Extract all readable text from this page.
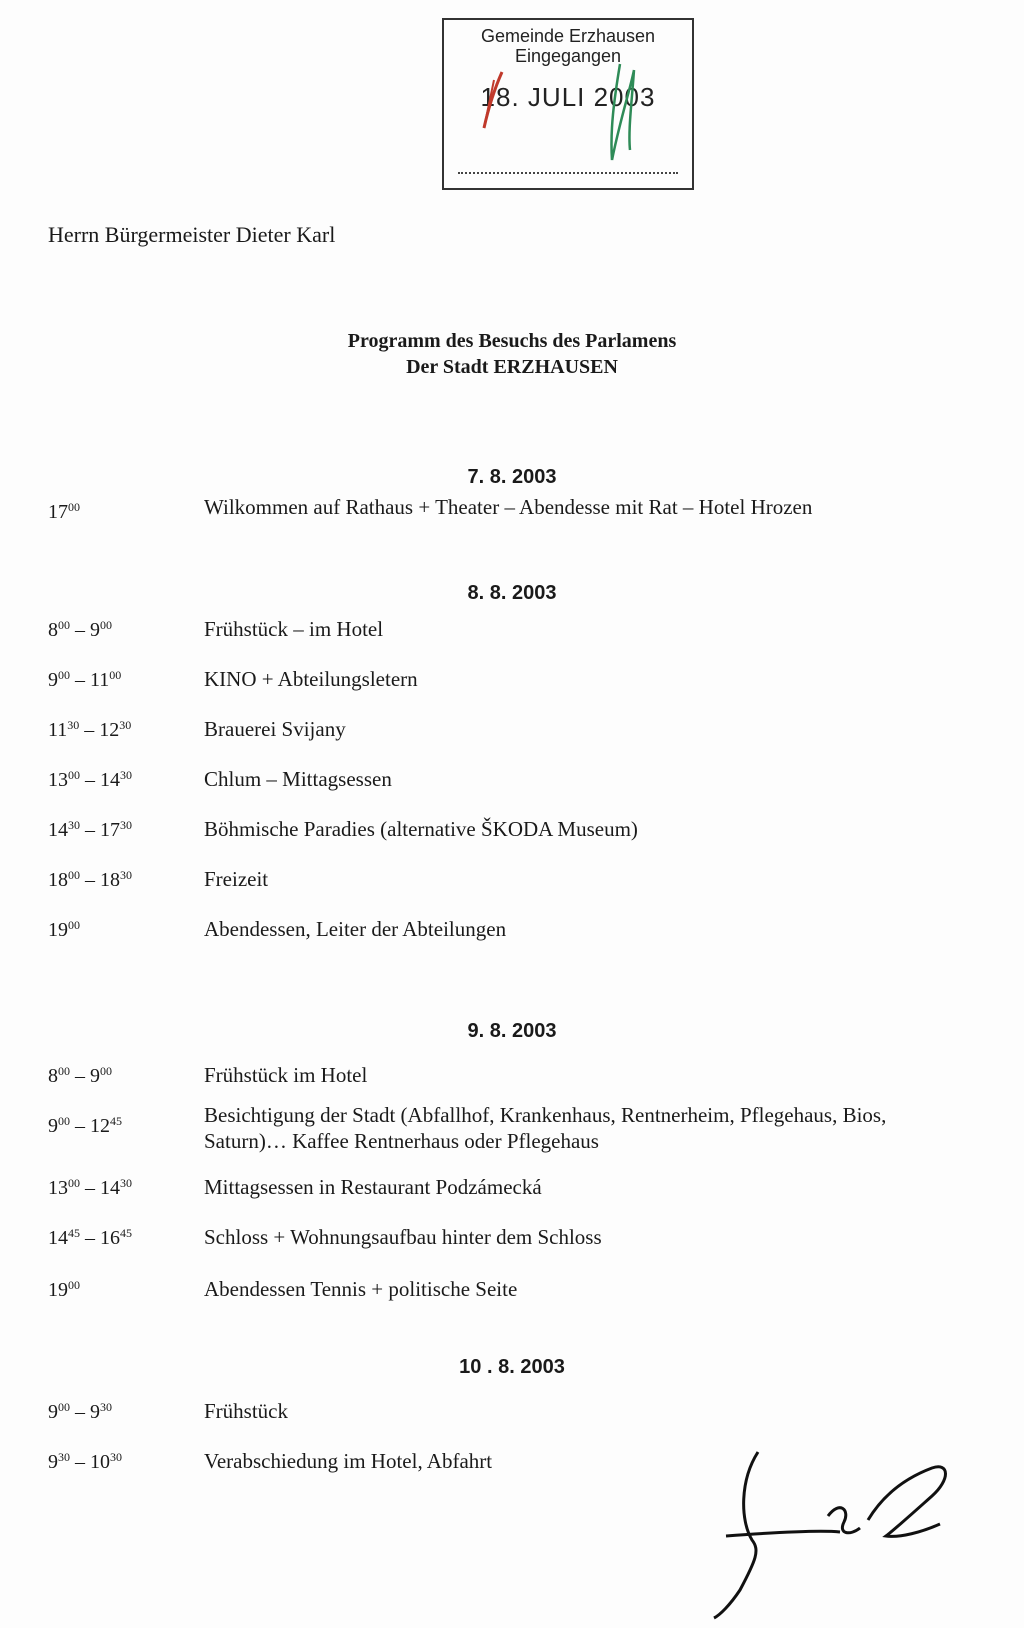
Gemeinde Erzhausen
Eingegangen
18. JULI 2003
Herrn Bürgermeister Dieter Karl
Programm des Besuchs des Parlamens
Der Stadt ERZHAUSEN
7. 8. 2003
$17^{00}$	Wilkommen auf Rathaus + Theater – Abendesse mit Rat – Hotel Hrozen
8. 8. 2003
$8^{00} - 9^{00}$	Frühstück – im Hotel
$9^{00} - 11^{00}$	KINO + Abteilungsletern
$11^{30} - 12^{30}$	Brauerei Svijany
$13^{00} - 14^{30}$	Chlum – Mittagsessen
$14^{30} - 17^{30}$	Böhmische Paradies (alternative ŠKODA Museum)
$18^{00} - 18^{30}$	Freizeit
$19^{00}$	Abendessen, Leiter der Abteilungen
9. 8. 2003
$8^{00} - 9^{00}$	Frühstück im Hotel
$9^{00} - 12^{45}$	Besichtigung der Stadt (Abfallhof, Krankenhaus, Rentnerheim, Pflegehaus, Bios, Saturn)… Kaffee Rentnerhaus oder Pflegehaus
$13^{00} - 14^{30}$	Mittagsessen in Restaurant Podzámecká
$14^{45} - 16^{45}$	Schloss + Wohnungsaufbau hinter dem Schloss
$19^{00}$	Abendessen Tennis + politische Seite
10 . 8. 2003
$9^{00} - 9^{30}$	Frühstück
$9^{30} - 10^{30}$	Verabschiedung im Hotel, Abfahrt
